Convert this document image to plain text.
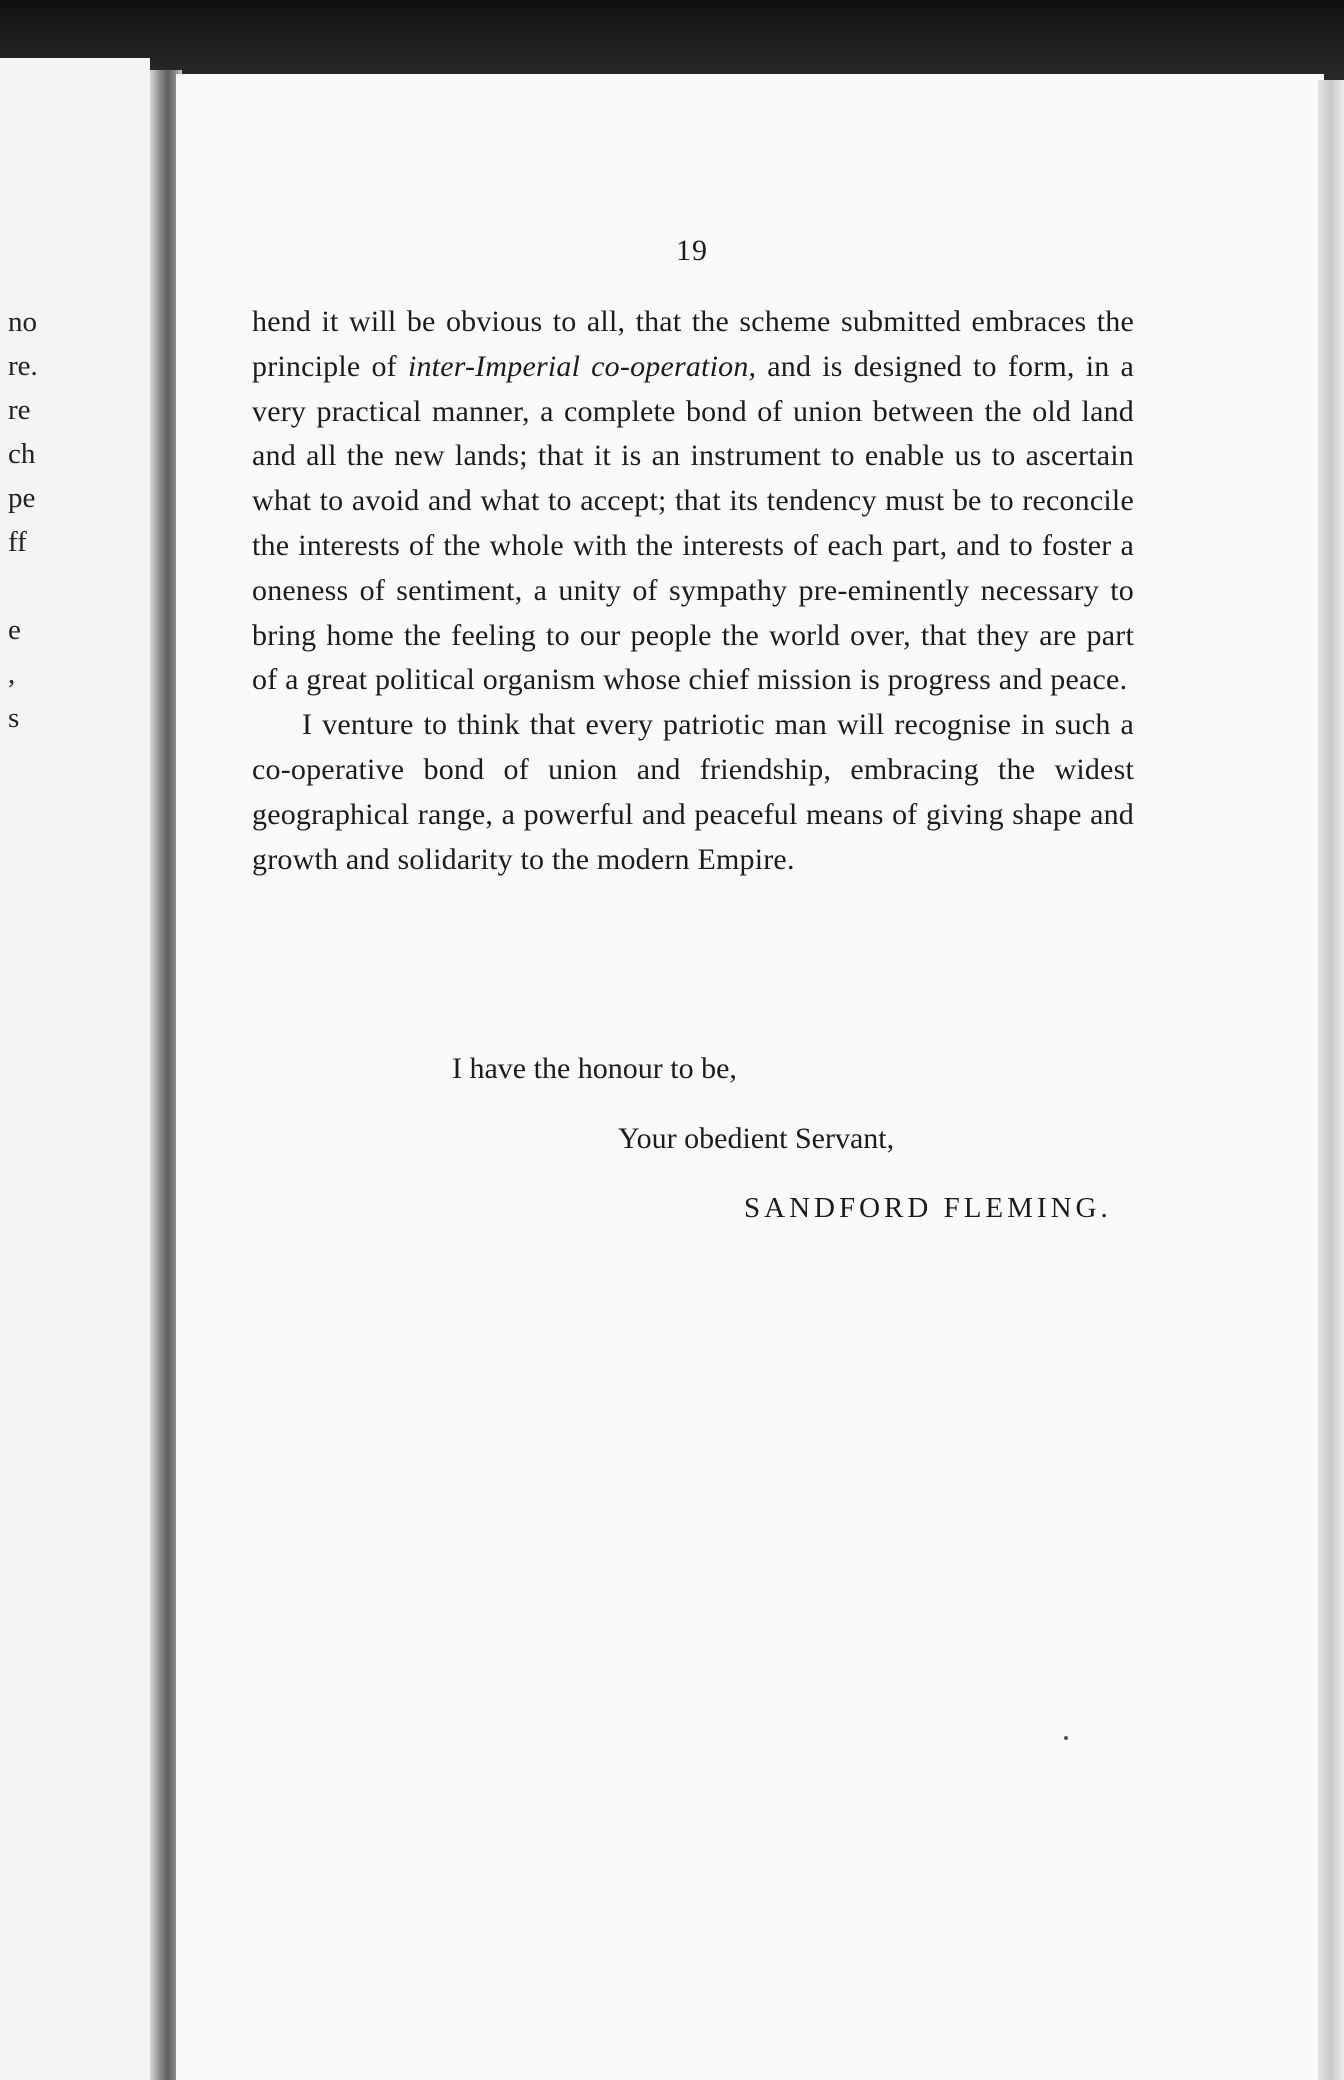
no
re.
re
ch
pe
ff
e
,
s
19

hend it will be obvious to all, that the scheme submitted embraces the principle of inter-Imperial co-operation, and is designed to form, in a very practical manner, a complete bond of union between the old land and all the new lands; that it is an instrument to enable us to ascertain what to avoid and what to accept; that its tendency must be to reconcile the interests of the whole with the interests of each part, and to foster a oneness of sentiment, a unity of sympathy pre-eminently necessary to bring home the feeling to our people the world over, that they are part of a great political organism whose chief mission is progress and peace.

I venture to think that every patriotic man will recognise in such a co-operative bond of union and friendship, embracing the widest geographical range, a powerful and peaceful means of giving shape and growth and solidarity to the modern Empire.

I have the honour to be,
Your obedient Servant,
SANDFORD FLEMING.
